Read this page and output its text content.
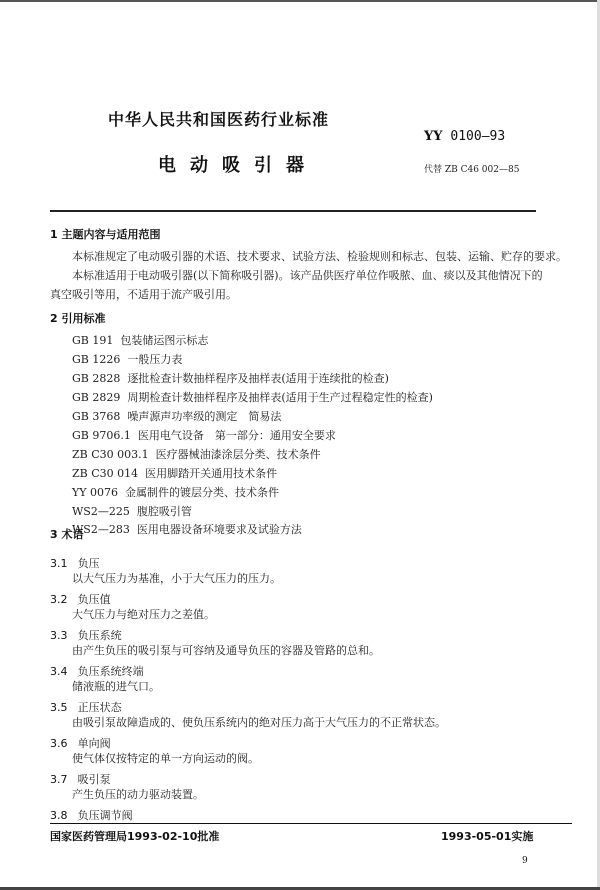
中华人民共和国医药行业标准
YY 0100—93
电动吸引器	代替 ZB C46 002—85
1 主题内容与适用范围
本标准规定了电动吸引器的术语、技术要求、试验方法、检验规则和标志、包装、运输、贮存的要求。
本标准适用于电动吸引器(以下简称吸引器)。该产品供医疗单位作吸脓、血、痰以及其他情况下的
真空吸引等用，不适用于流产吸引用。
2 引用标准
GB 191 包装储运图示标志
GB 1226 一般压力表
GB 2828 逐批检查计数抽样程序及抽样表(适用于连续批的检查)
GB 2829 周期检查计数抽样程序及抽样表(适用于生产过程稳定性的检查)
GB 3768 噪声源声功率级的测定　简易法
GB 9706.1 医用电气设备　第一部分：通用安全要求
ZB C30 003.1 医疗器械油漆涂层分类、技术条件
ZB C30 014 医用脚踏开关通用技术条件
YY 0076 金属制件的镀层分类、技术条件
WS2—225 腹腔吸引管
WS2—283 医用电器设备环境要求及试验方法
3 术语
3.1 负压
以大气压力为基准，小于大气压力的压力。
3.2 负压值
大气压力与绝对压力之差值。
3.3 负压系统
由产生负压的吸引泵与可容纳及通导负压的容器及管路的总和。
3.4 负压系统终端
储液瓶的进气口。
3.5 正压状态
由吸引泵故障造成的、使负压系统内的绝对压力高于大气压力的不正常状态。
3.6 单向阀
使气体仅按特定的单一方向运动的阀。
3.7 吸引泵
产生负压的动力驱动装置。
3.8 负压调节阀
国家医药管理局1993-02-10批准	1993-05-01实施
9
